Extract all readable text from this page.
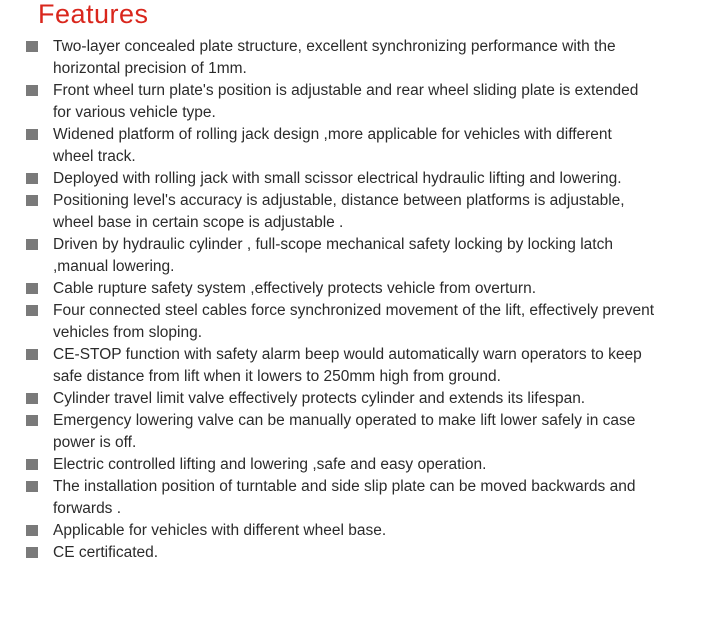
Features
Two-layer concealed plate structure, excellent synchronizing performance with the horizontal precision of 1mm.
Front wheel turn plate's position is adjustable and rear wheel sliding plate is extended for various vehicle type.
Widened platform of rolling jack design ,more applicable for vehicles with different wheel track.
Deployed with rolling jack with small scissor electrical hydraulic lifting and lowering.
Positioning level's accuracy is adjustable, distance between platforms is adjustable, wheel base in certain scope is adjustable .
Driven by hydraulic cylinder , full-scope mechanical safety locking by locking latch ,manual lowering.
Cable rupture safety system ,effectively protects vehicle from overturn.
Four connected steel cables force synchronized movement of the lift, effectively prevent vehicles from sloping.
CE-STOP function with safety alarm beep would automatically warn operators to keep safe distance from lift when it lowers to 250mm high from ground.
Cylinder travel limit valve effectively protects cylinder and extends its lifespan.
Emergency lowering valve can be manually operated to make lift lower safely in case power is off.
Electric controlled lifting and lowering ,safe and easy operation.
The installation position of turntable and side slip plate can be moved backwards and forwards .
Applicable for vehicles with different wheel base.
CE certificated.
